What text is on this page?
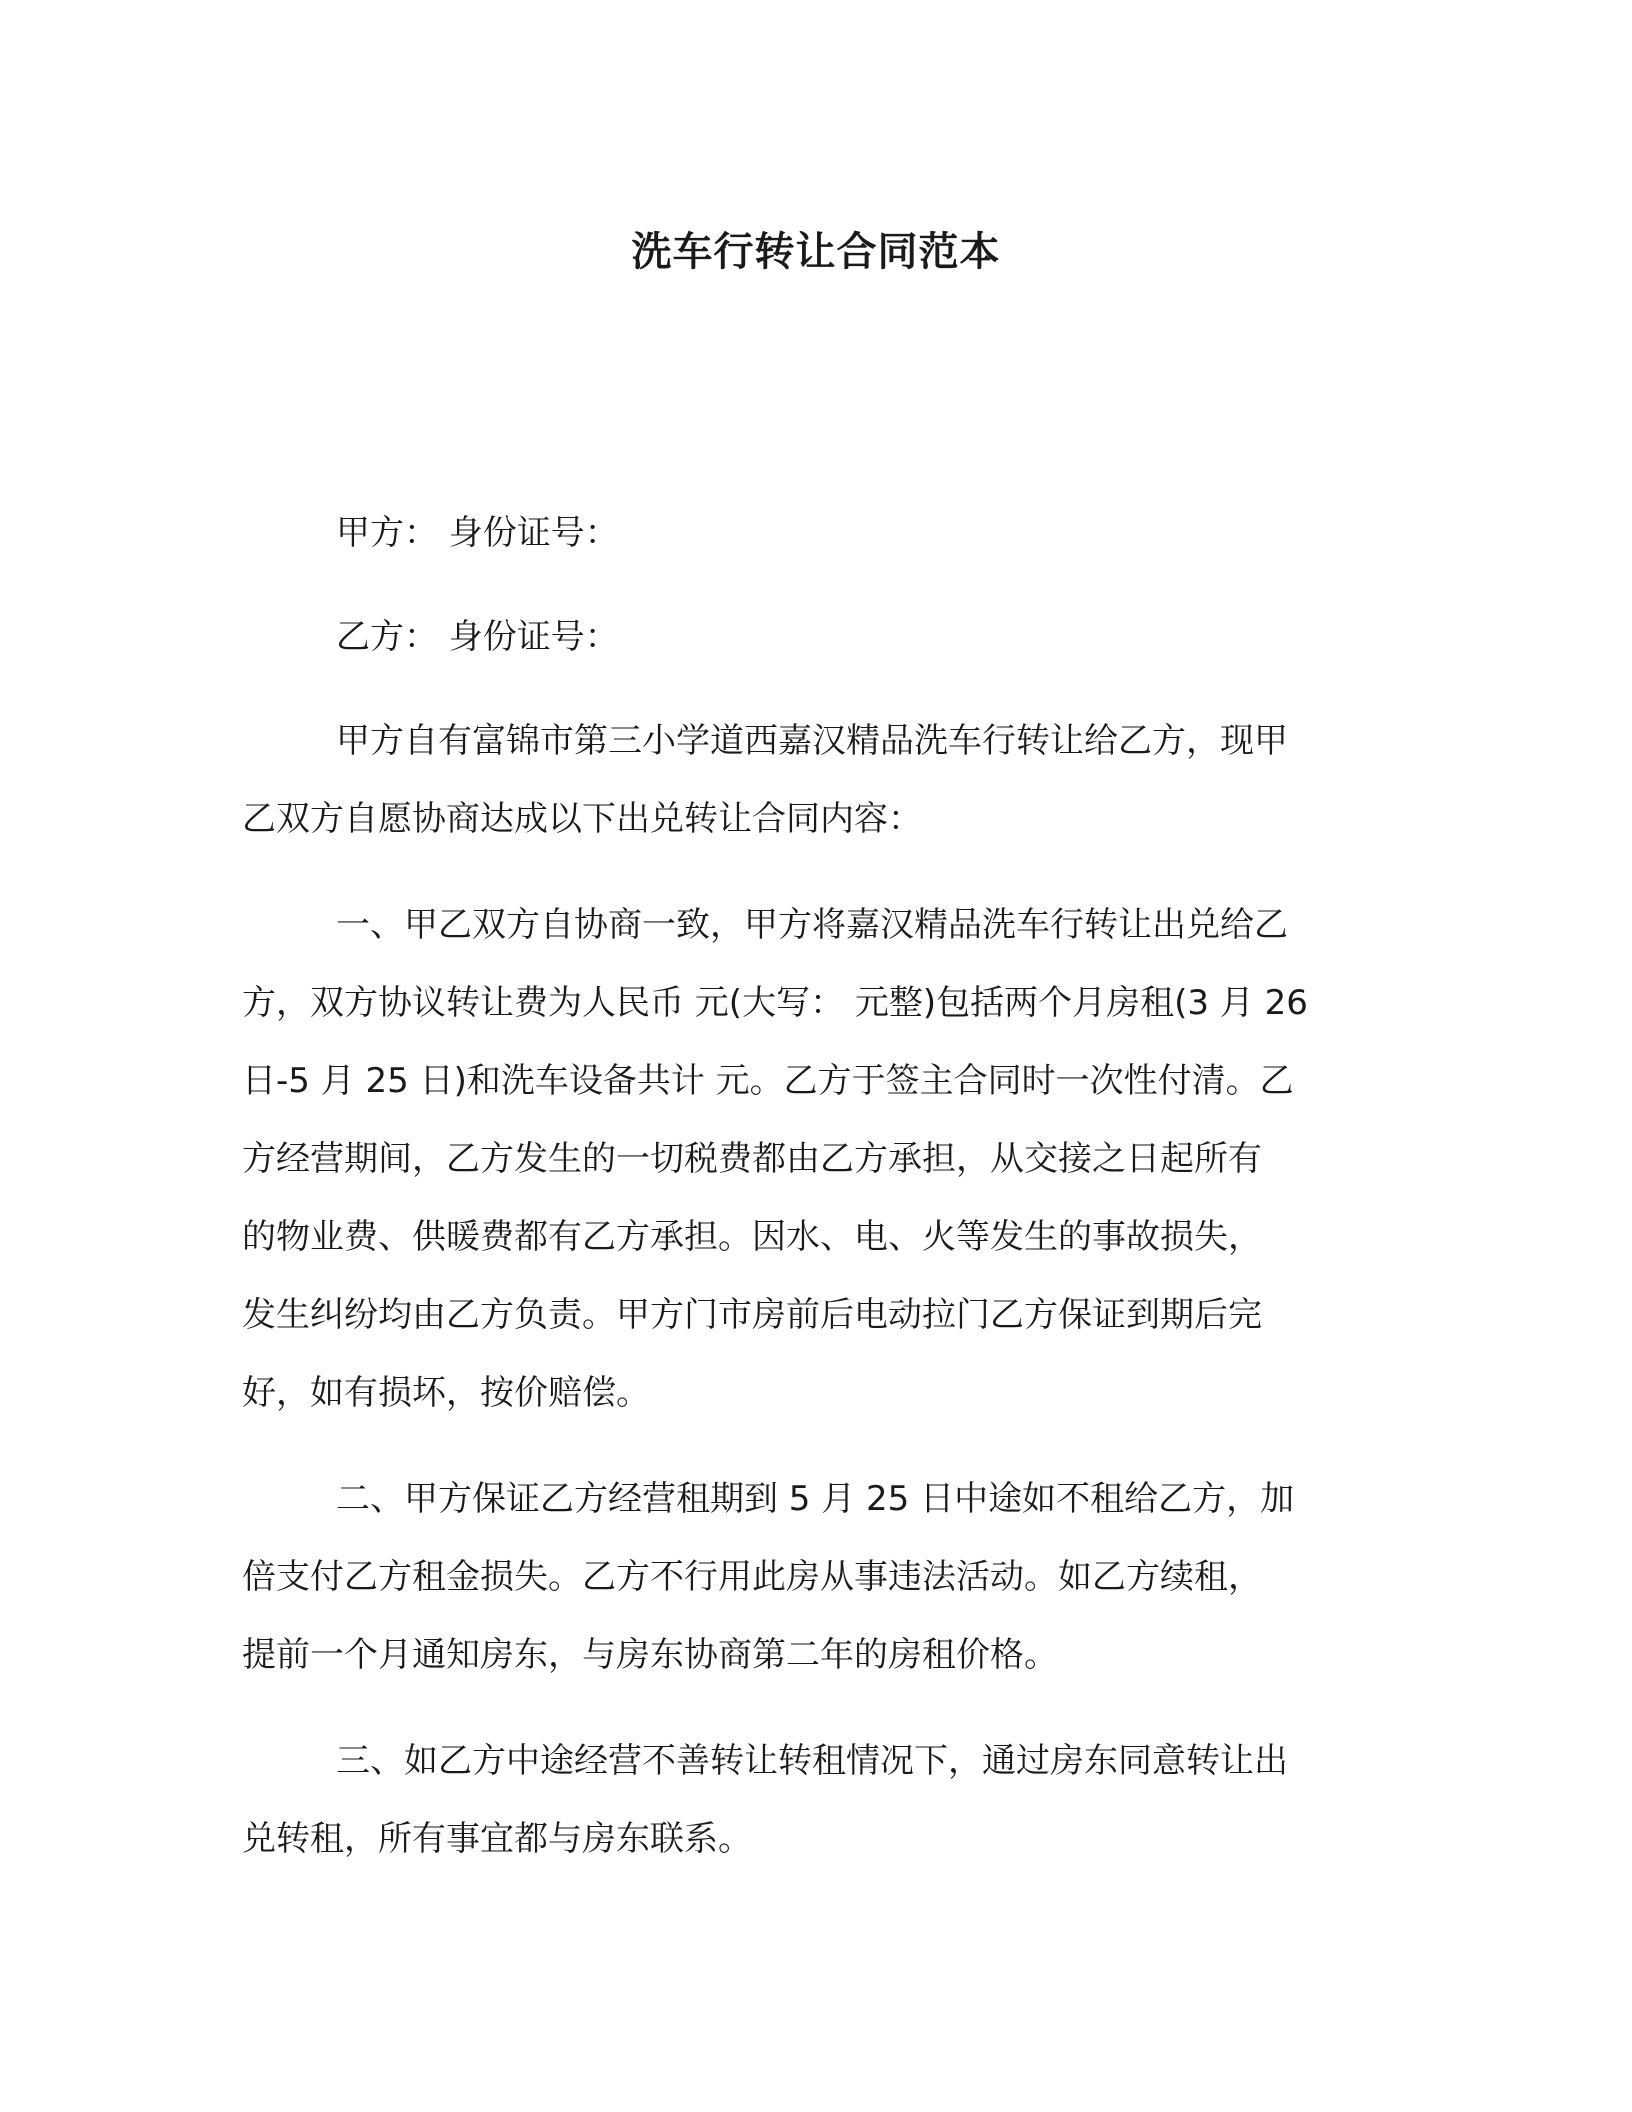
洗车行转让合同范本
甲方： 身份证号：
乙方： 身份证号：
甲方自有富锦市第三小学道西嘉汉精品洗车行转让给乙方，现甲
乙双方自愿协商达成以下出兑转让合同内容：
一、甲乙双方自协商一致，甲方将嘉汉精品洗车行转让出兑给乙
方，双方协议转让费为人民币 元(大写： 元整)包括两个月房租(3 月 26
日-5 月 25 日)和洗车设备共计 元。乙方于签主合同时一次性付清。乙
方经营期间，乙方发生的一切税费都由乙方承担，从交接之日起所有
的物业费、供暖费都有乙方承担。因水、电、火等发生的事故损失，
发生纠纷均由乙方负责。甲方门市房前后电动拉门乙方保证到期后完
好，如有损坏，按价赔偿。
二、甲方保证乙方经营租期到 5 月 25 日中途如不租给乙方，加
倍支付乙方租金损失。乙方不行用此房从事违法活动。如乙方续租，
提前一个月通知房东，与房东协商第二年的房租价格。
三、如乙方中途经营不善转让转租情况下，通过房东同意转让出
兑转租，所有事宜都与房东联系。
